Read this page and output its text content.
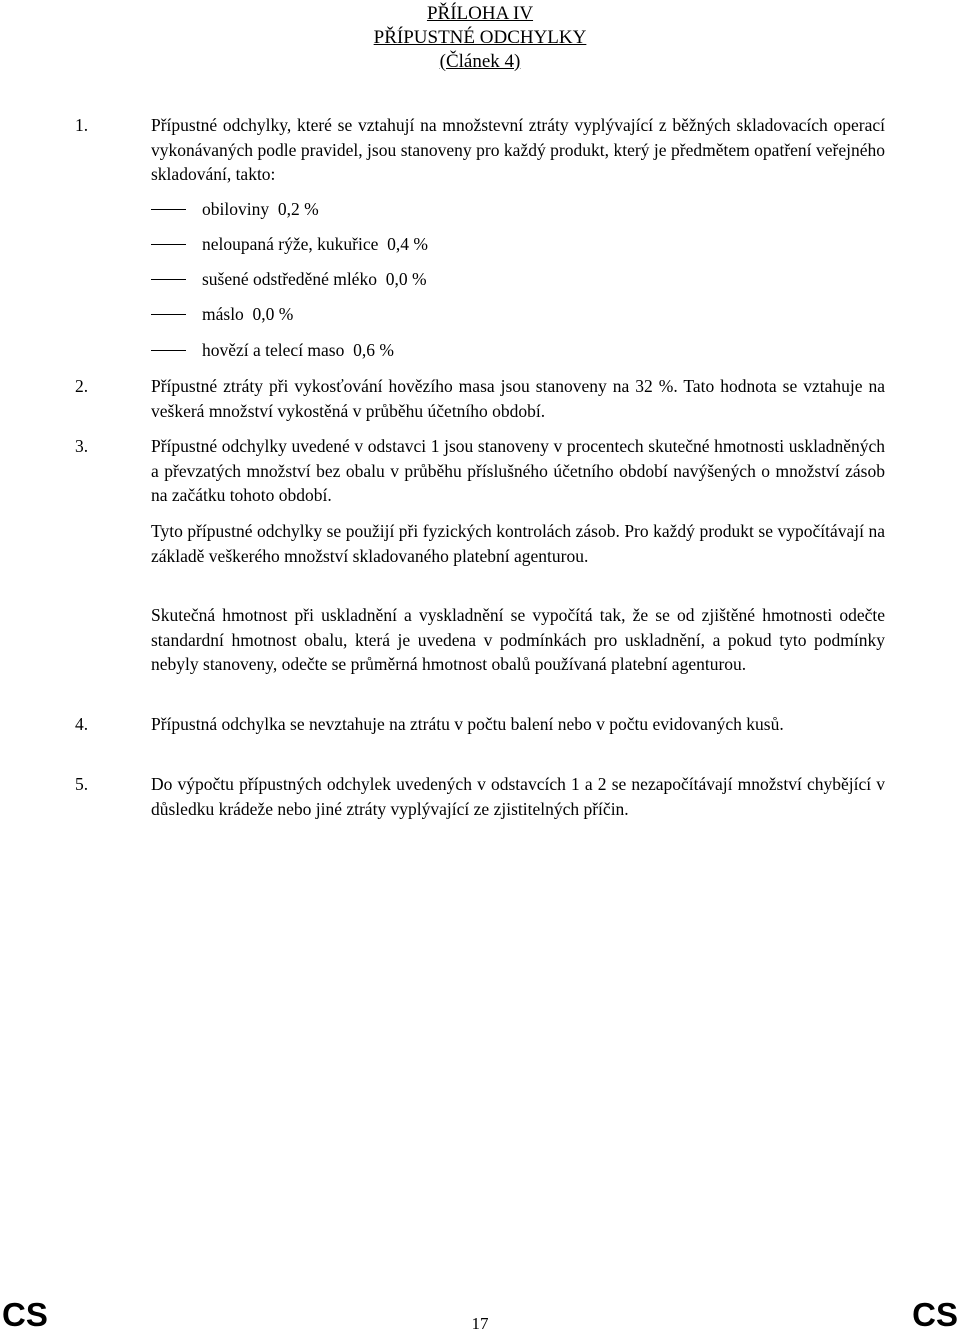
PŘÍLOHA IV
PŘÍPUSTNÉ ODCHYLKY
(Článek 4)
1.	Přípustné odchylky, které se vztahují na množstevní ztráty vyplývající z běžných skladovacích operací vykonávaných podle pravidel, jsou stanoveny pro každý produkt, který je předmětem opatření veřejného skladování, takto:
obiloviny  0,2 %
neloupaná rýže, kukuřice  0,4 %
sušené odstředěné mléko  0,0 %
máslo  0,0 %
hovězí a telecí maso  0,6 %
2.	Přípustné ztráty při vykosťování hovězího masa jsou stanoveny na 32 %. Tato hodnota se vztahuje na veškerá množství vykostěná v průběhu účetního období.
3.	Přípustné odchylky uvedené v odstavci 1 jsou stanoveny v procentech skutečné hmotnosti uskladněných a převzatých množství bez obalu v průběhu příslušného účetního období navýšených o množství zásob na začátku tohoto období.
Tyto přípustné odchylky se použijí při fyzických kontrolách zásob. Pro každý produkt se vypočítávají na základě veškerého množství skladovaného platební agenturou.
Skutečná hmotnost při uskladnění a vyskladnění se vypočítá tak, že se od zjištěné hmotnosti odečte standardní hmotnost obalu, která je uvedena v podmínkách pro uskladnění, a pokud tyto podmínky nebyly stanoveny, odečte se průměrná hmotnost obalů používaná platební agenturou.
4.	Přípustná odchylka se nevztahuje na ztrátu v počtu balení nebo v počtu evidovaných kusů.
5.	Do výpočtu přípustných odchylek uvedených v odstavcích 1 a 2 se nezapočítávají množství chybějící v důsledku krádeže nebo jiné ztráty vyplývající ze zjistitelných příčin.
CS	17	CS
